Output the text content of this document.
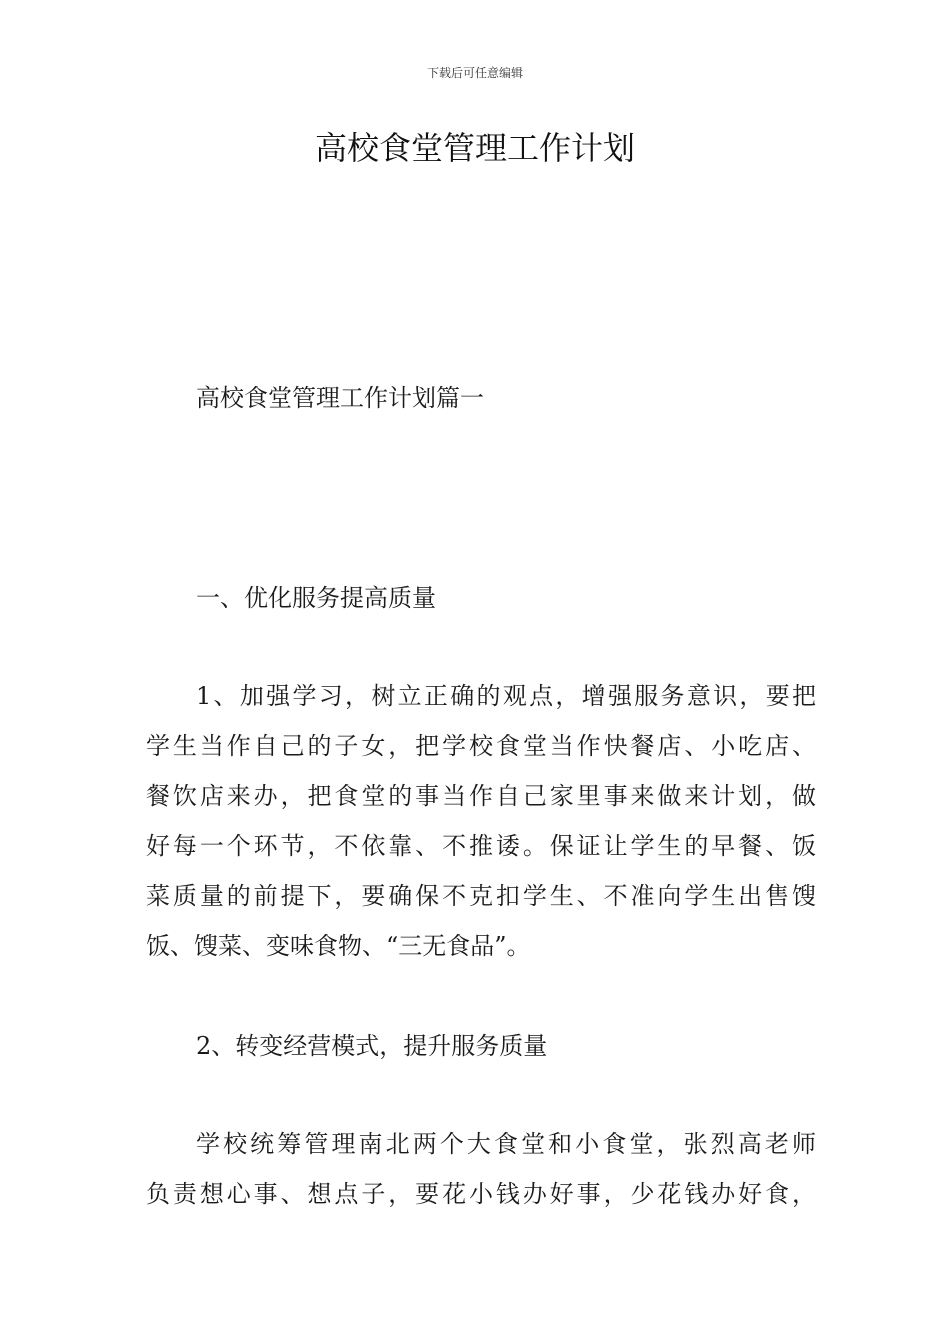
下载后可任意编辑
高校食堂管理工作计划
高校食堂管理工作计划篇一
一、优化服务提高质量
1、加强学习，树立正确的观点，增强服务意识，要把
学生当作自己的子女，把学校食堂当作快餐店、小吃店、
餐饮店来办，把食堂的事当作自己家里事来做来计划，做
好每一个环节，不依靠、不推诿。保证让学生的早餐、饭
菜质量的前提下，要确保不克扣学生、不准向学生出售馊
饭、馊菜、变味食物、“三无食品”。
2、转变经营模式，提升服务质量
学校统筹管理南北两个大食堂和小食堂，张烈高老师
负责想心事、想点子，要花小钱办好事，少花钱办好食，
